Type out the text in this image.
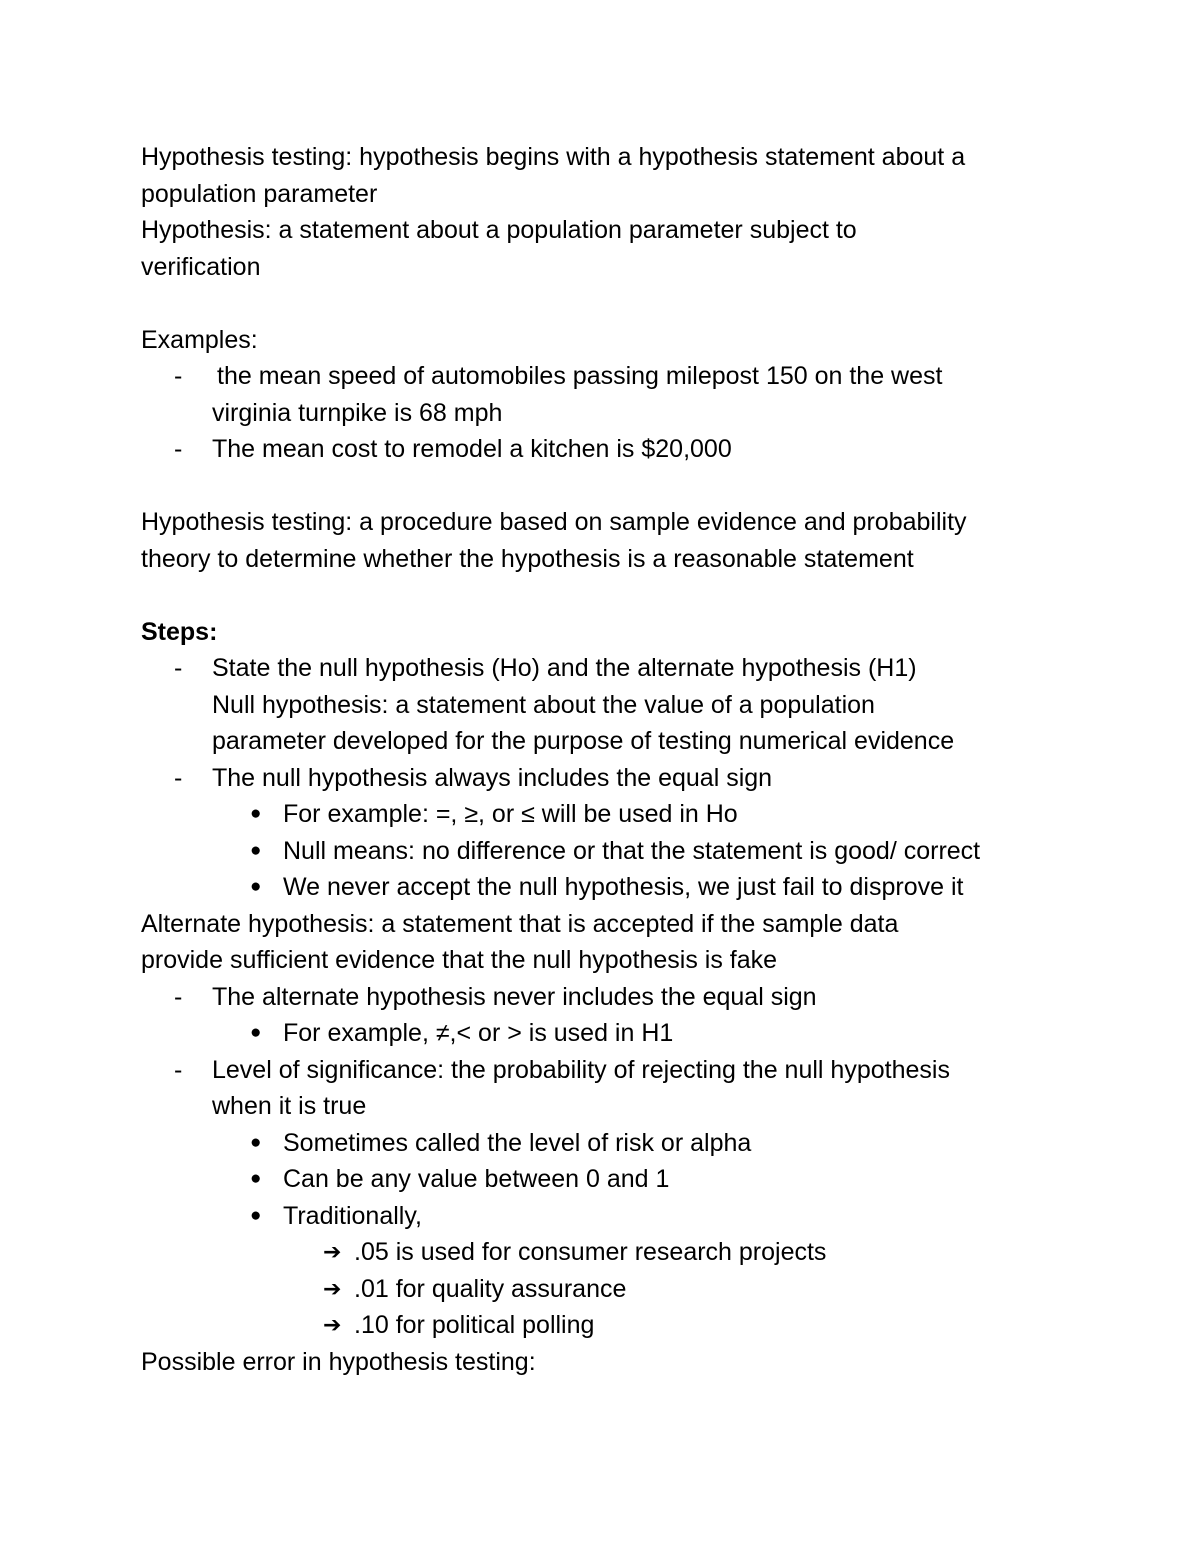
Hypothesis testing: hypothesis begins with a hypothesis statement about a

population parameter

Hypothesis: a statement about a population parameter subject to

verification

Examples:

- the mean speed of automobiles passing milepost 150 on the west
virginia turnpike is 68 mph
- The mean cost to remodel a kitchen is $20,000

Hypothesis testing: a procedure based on sample evidence and probability

theory to determine whether the hypothesis is a reasonable statement

Steps:

- State the null hypothesis (Ho) and the alternate hypothesis (H1)
Null hypothesis: a statement about the value of a population
parameter developed for the purpose of testing numerical evidence
- The null hypothesis always includes the equal sign
● For example: =, ≥, or ≤ will be used in Ho
● Null means: no difference or that the statement is good/ correct
● We never accept the null hypothesis, we just fail to disprove it

Alternate hypothesis: a statement that is accepted if the sample data

provide sufficient evidence that the null hypothesis is fake

- The alternate hypothesis never includes the equal sign
● For example, ≠,< or > is used in H1
- Level of significance: the probability of rejecting the null hypothesis
when it is true
● Sometimes called the level of risk or alpha
● Can be any value between 0 and 1
● Traditionally,
➔ .05 is used for consumer research projects
➔ .01 for quality assurance
➔ .10 for political polling

Possible error in hypothesis testing:
